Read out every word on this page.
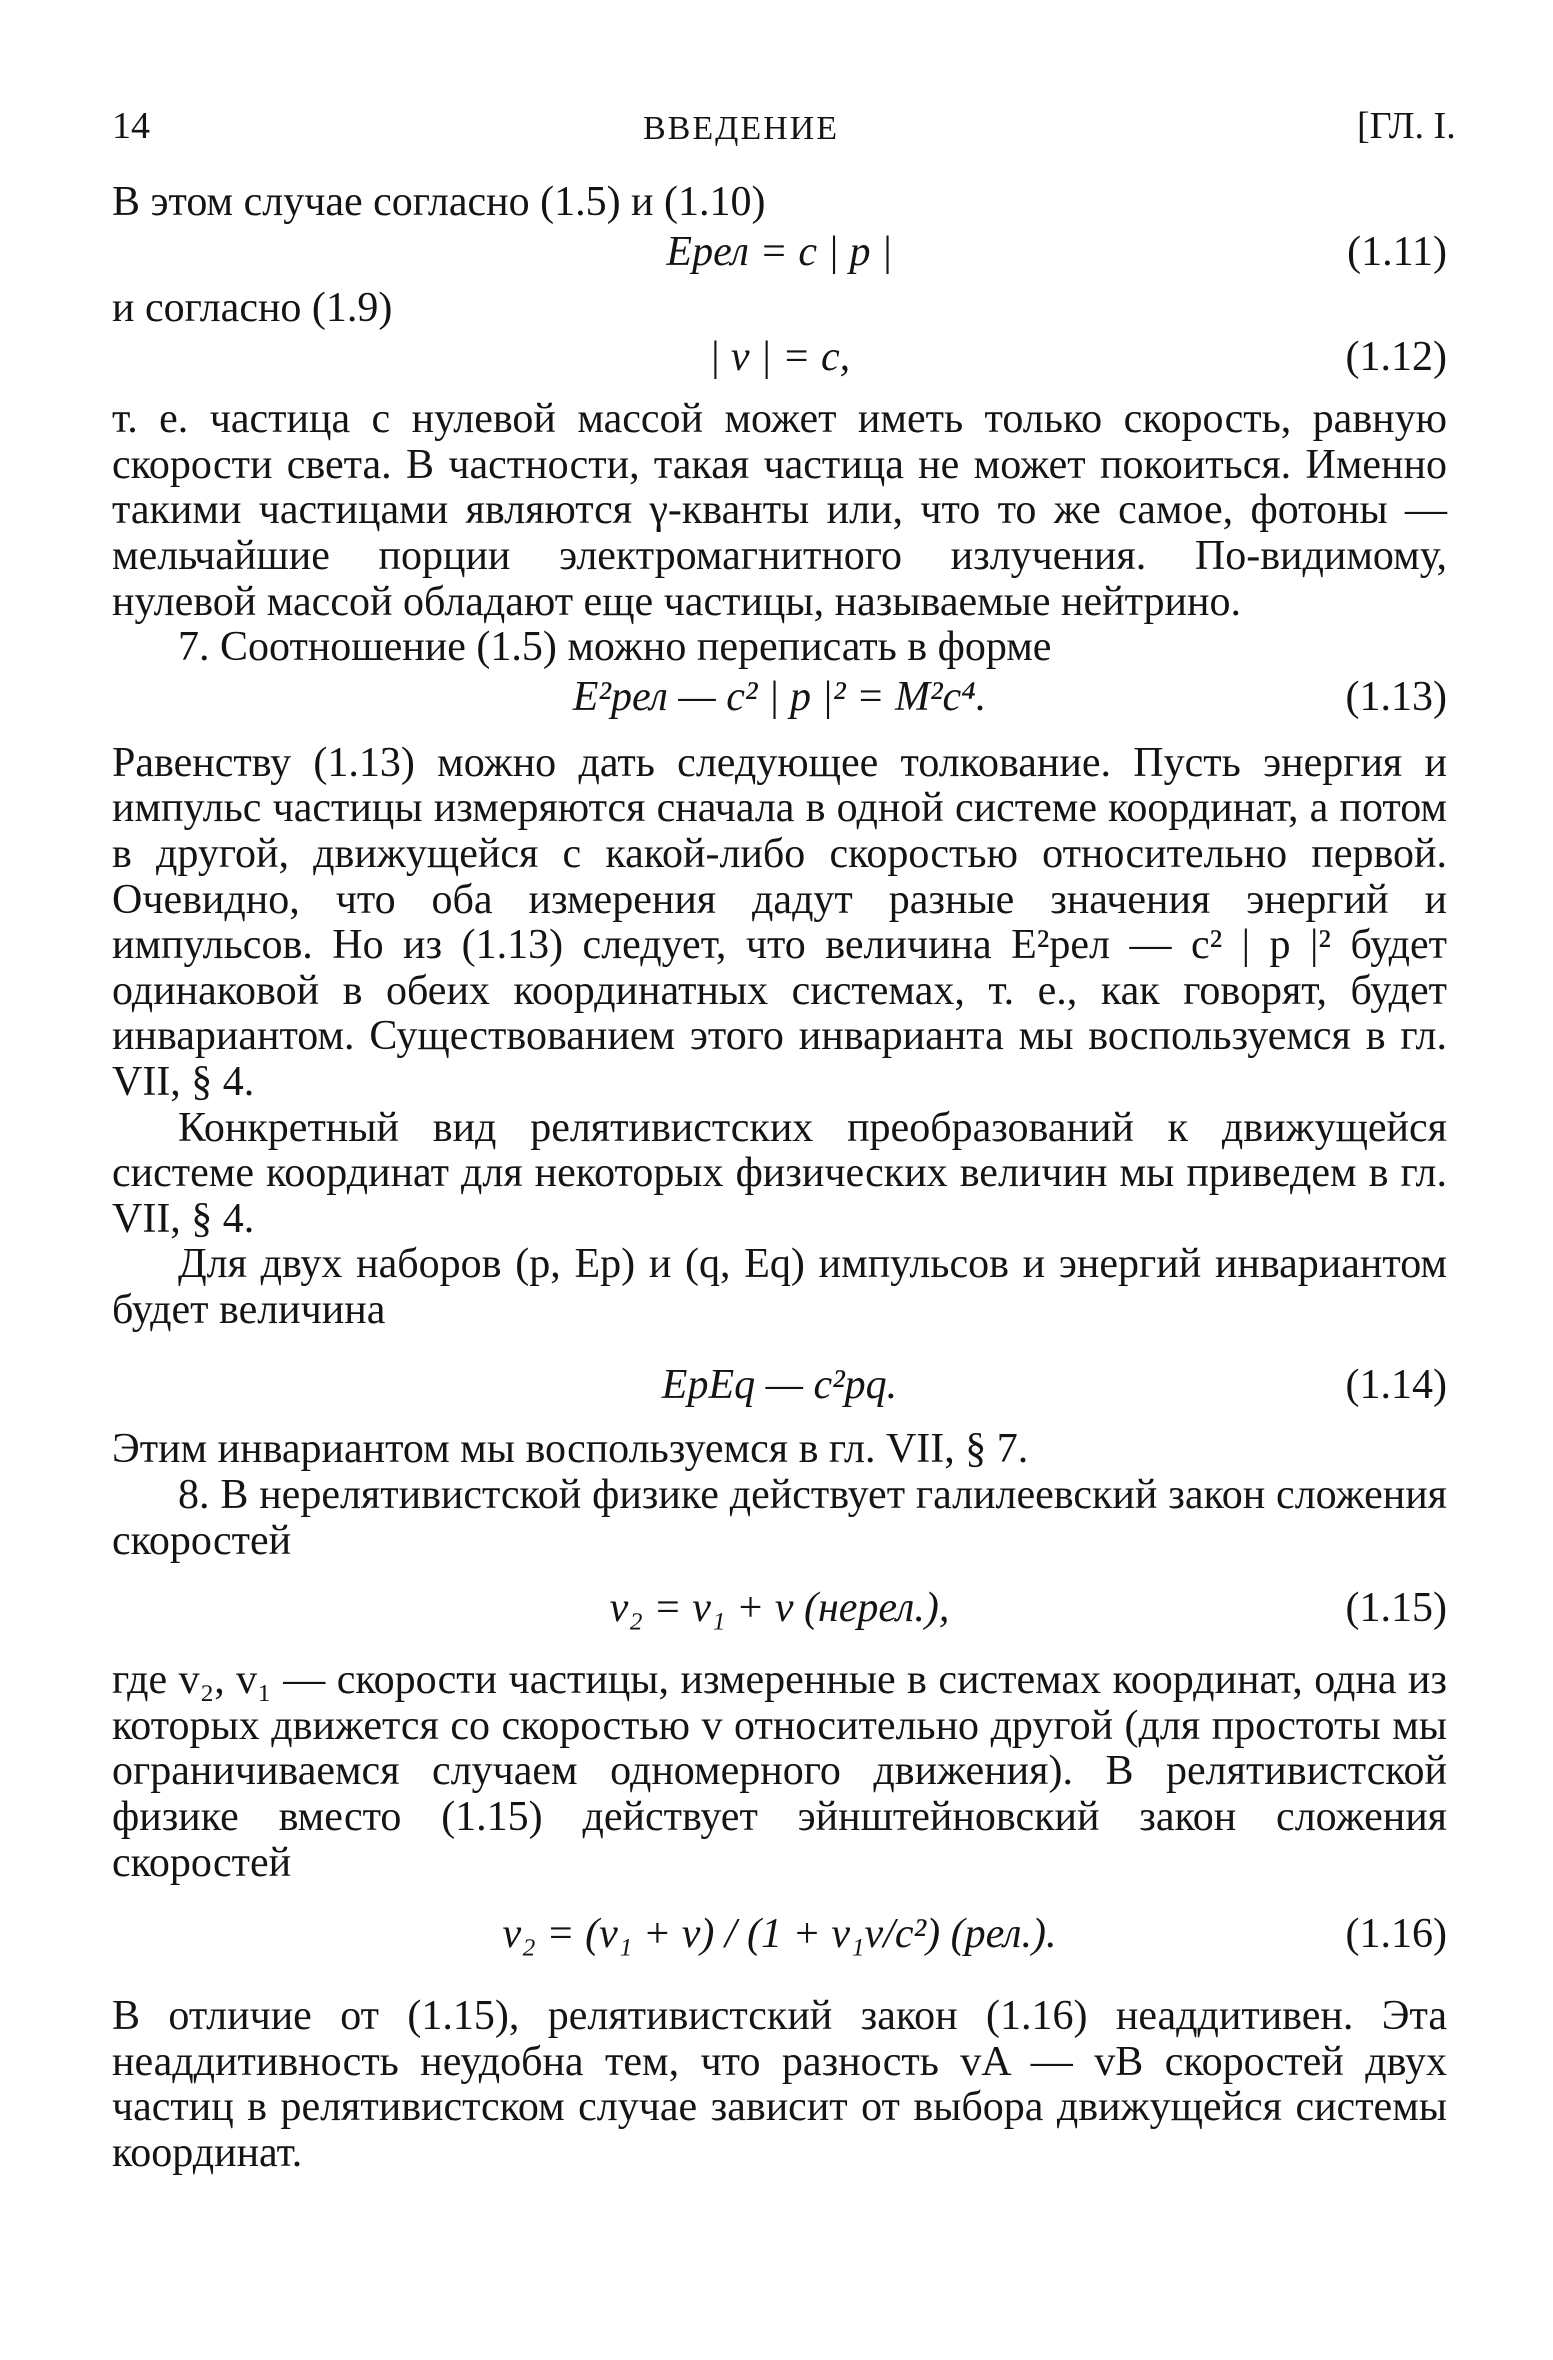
14	ВВЕДЕНИЕ	[ГЛ. I.

В этом случае согласно (1.5) и (1.10)

Eрел = c | p |	(1.11)

и согласно (1.9)

| v | = c,	(1.12)

т. е. частица с нулевой массой может иметь только скорость, равную скорости света. В частности, такая частица не может покоиться. Именно такими частицами являются γ-кванты или, что то же самое, фотоны — мельчайшие порции электромагнитного излучения. По-видимому, нулевой массой обладают еще частицы, называемые нейтрино.

7. Соотношение (1.5) можно переписать в форме

E²рел — c² | p |² = M²c⁴.	(1.13)

Равенству (1.13) можно дать следующее толкование. Пусть энергия и импульс частицы измеряются сначала в одной системе координат, а потом в другой, движущейся с какой-либо скоростью относительно первой. Очевидно, что оба измерения дадут разные значения энергий и импульсов. Но из (1.13) следует, что величина E²рел — c² | p |² будет одинаковой в обеих координатных системах, т. е., как говорят, будет инвариантом. Существованием этого инварианта мы воспользуемся в гл. VII, § 4.

Конкретный вид релятивистских преобразований к движущейся системе координат для некоторых физических величин мы приведем в гл. VII, § 4.

Для двух наборов (p, Ep) и (q, Eq) импульсов и энергий инвариантом будет величина

EpEq — c²pq.	(1.14)

Этим инвариантом мы воспользуемся в гл. VII, § 7.

8. В нерелятивистской физике действует галилеевский закон сложения скоростей

v₂ = v₁ + v (нерел.),	(1.15)

где v₂, v₁ — скорости частицы, измеренные в системах координат, одна из которых движется со скоростью v относительно другой (для простоты мы ограничиваемся случаем одномерного движения). В релятивистской физике вместо (1.15) действует эйнштейновский закон сложения скоростей

v₂ = (v₁ + v) / (1 + v₁v/c²) (рел.).	(1.16)

В отличие от (1.15), релятивистский закон (1.16) неаддитивен. Эта неаддитивность неудобна тем, что разность vA — vB скоростей двух частиц в релятивистском случае зависит от выбора движущейся системы координат.
